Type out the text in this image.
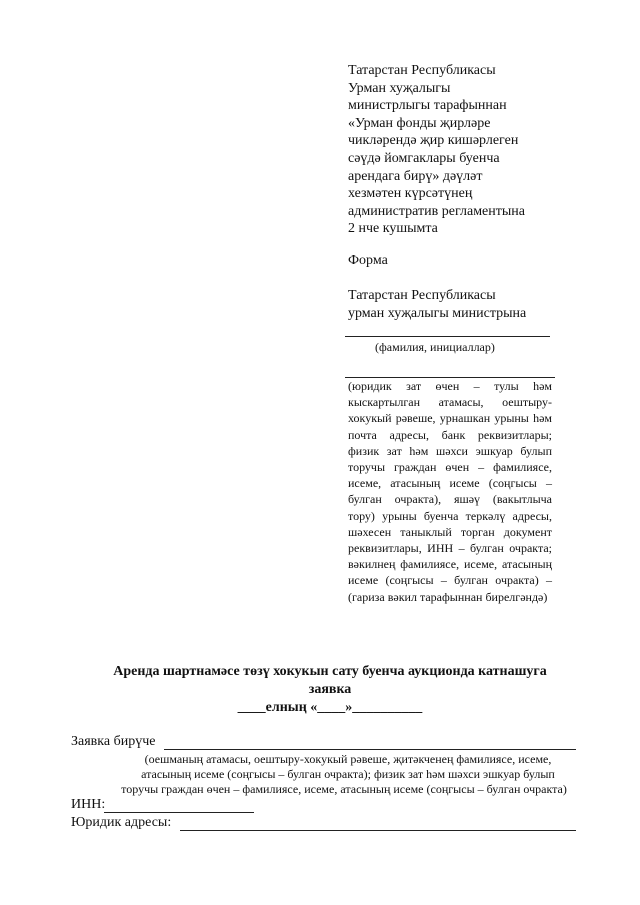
Татарстан Республикасы
Урман хуҗалыгы
министрлыгы тарафыннан
«Урман фонды җирләре
чикләрендә җир кишәрлеген
сәүдә йомгаклары буенча
арендага бирү» дәүләт
хезмәтен күрсәтүнең
административ регламентына
2 нче кушымта
Форма
Татарстан Республикасы
урман хуҗалыгы министрына
(фамилия, инициаллар)
(юридик зат өчен – тулы һәм кыскартылган атамасы, оештыру-хокукый рәвеше, урнашкан урыны һәм почта адресы, банк реквизитлары; физик зат һәм шәхси эшкуар булып торучы граждан өчен – фамилиясе, исеме, атасының исеме (соңгысы – булган очракта), яшәү (вакытлыча тору) урыны буенча теркәлү адресы, шәхесен таныклый торган документ реквизитлары, ИНН – булган очракта; вәкилнең фамилиясе, исеме, атасының исеме (соңгысы – булган очракта) – (гариза вәкил тарафыннан бирелгәндә)
Аренда шартнамәсе төзү хокукын сату буенча аукционда катнашуга
заявка
____елның «____»__________
Заявка бирүче
(оешманың атамасы, оештыру-хокукый рәвеше, җитәкченең фамилиясе, исеме,
атасының исеме (соңгысы – булган очракта); физик зат һәм шәхси эшкуар булып
торучы граждан өчен – фамилиясе, исеме, атасының исеме (соңгысы – булган очракта)
ИНН:
Юридик адресы:
